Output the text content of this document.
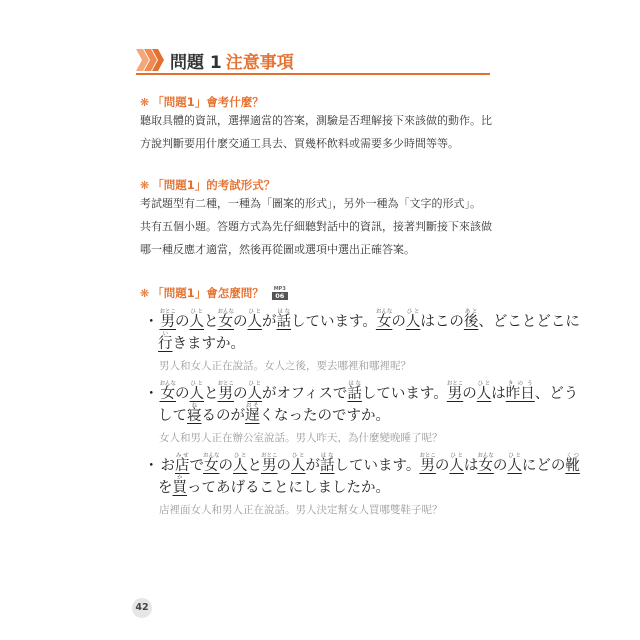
問題 1 注意事項
❋ 「問題1」會考什麼？
聽取具體的資訊，選擇適當的答案，測驗是否理解接下來該做的動作。比
方說判斷要用什麼交通工具去、買幾杯飲料或需要多少時間等等。
❋ 「問題1」的考試形式？
考試題型有二種，一種為「圖案的形式」，另外一種為「文字的形式」。
共有五個小題。答題方式為先仔細聽對話中的資訊，接著判斷接下來該做
哪一種反應才適當，然後再從圖或選項中選出正確答案。
❋ 「問題1」會怎麼問？	MP3
06
・男おとこの人ひとと女おんなの人ひとが話はなしています。女おんなの人ひとはこの後あと、どことどこに
行いきますか。
男人和女人正在說話。女人之後，要去哪裡和哪裡呢？
・女おんなの人ひとと男おとこの人ひとがオフィスで話はなしています。男おとこの人ひとは昨日きのう、どう
して寝ねるのが遅おそくなったのですか。
女人和男人正在辦公室說話。男人昨天，為什麼變晚睡了呢？
・ お店みせで女おんなの人ひとと男おとこの人ひとが話はなしています。男おとこの人ひとは女おんなの人ひとにどの靴くつ
を買かってあげることにしましたか。
店裡面女人和男人正在說話。男人決定幫女人買哪雙鞋子呢？
42
